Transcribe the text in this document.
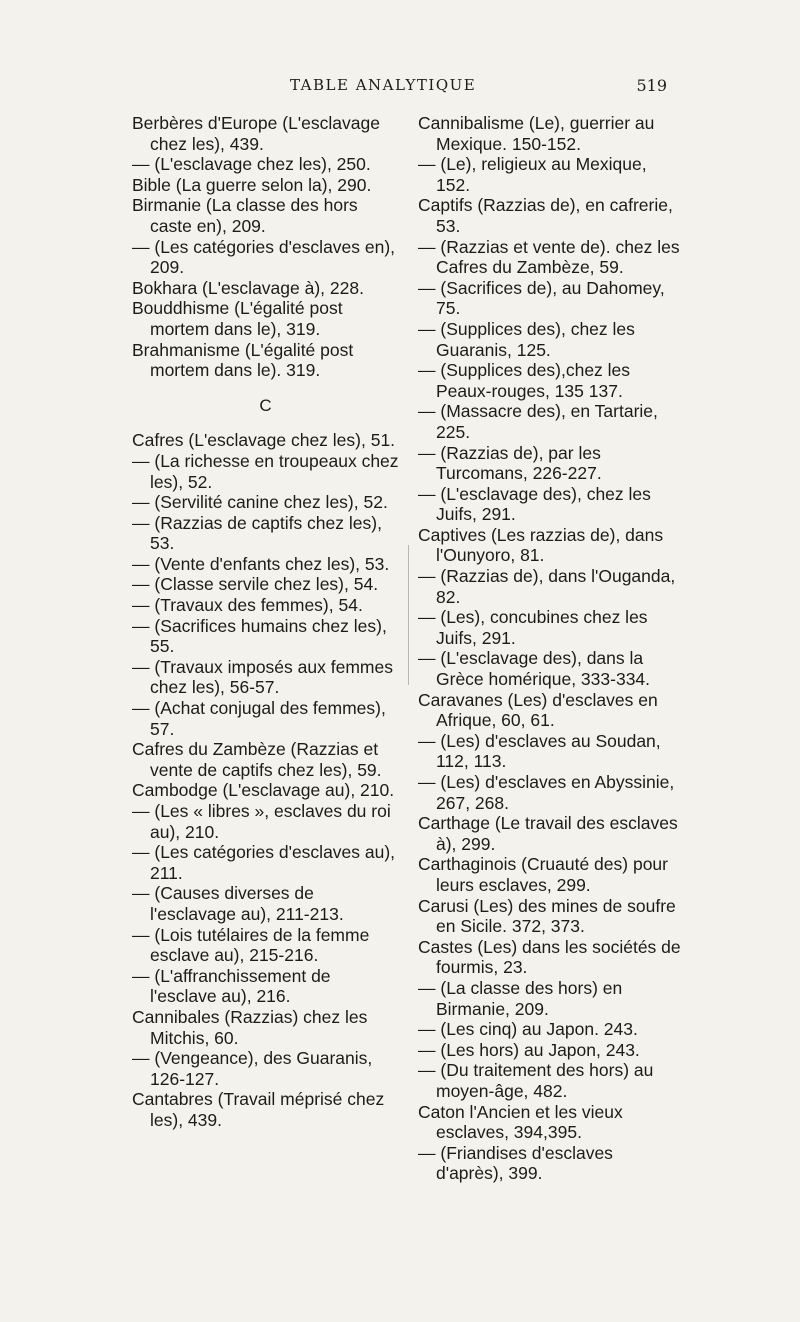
TABLE ANALYTIQUE	519

Berbères d'Europe (L'esclavage chez les), 439.

— (L'esclavage chez les), 250.

Bible (La guerre selon la), 290.

Birmanie (La classe des hors caste en), 209.

— (Les catégories d'esclaves en), 209.

Bokhara (L'esclavage à), 228.

Bouddhisme (L'égalité post mortem dans le), 319.

Brahmanisme (L'égalité post mortem dans le). 319.

C

Cafres (L'esclavage chez les), 51.

— (La richesse en troupeaux chez les), 52.

— (Servilité canine chez les), 52.

— (Razzias de captifs chez les), 53.

— (Vente d'enfants chez les), 53.

— (Classe servile chez les), 54.

— (Travaux des femmes), 54.

— (Sacrifices humains chez les), 55.

— (Travaux imposés aux femmes chez les), 56-57.

— (Achat conjugal des femmes), 57.

Cafres du Zambèze (Razzias et vente de captifs chez les), 59.

Cambodge (L'esclavage au), 210.

— (Les « libres », esclaves du roi au), 210.

— (Les catégories d'esclaves au), 211.

— (Causes diverses de l'esclavage au), 211-213.

— (Lois tutélaires de la femme esclave au), 215-216.

— (L'affranchissement de l'esclave au), 216.

Cannibales (Razzias) chez les Mitchis, 60.

— (Vengeance), des Guaranis, 126-127.

Cantabres (Travail méprisé chez les), 439.

Cannibalisme (Le), guerrier au Mexique. 150-152.

— (Le), religieux au Mexique, 152.

Captifs (Razzias de), en cafrerie, 53.

— (Razzias et vente de). chez les Cafres du Zambèze, 59.

— (Sacrifices de), au Dahomey, 75.

— (Supplices des), chez les Guaranis, 125.

— (Supplices des),chez les Peaux-rouges, 135 137.

— (Massacre des), en Tartarie, 225.

— (Razzias de), par les Turcomans, 226-227.

— (L'esclavage des), chez les Juifs, 291.

Captives (Les razzias de), dans l'Ounyoro, 81.

— (Razzias de), dans l'Ouganda, 82.

— (Les), concubines chez les Juifs, 291.

— (L'esclavage des), dans la Grèce homérique, 333-334.

Caravanes (Les) d'esclaves en Afrique, 60, 61.

— (Les) d'esclaves au Soudan, 112, 113.

— (Les) d'esclaves en Abyssinie, 267, 268.

Carthage (Le travail des esclaves à), 299.

Carthaginois (Cruauté des) pour leurs esclaves, 299.

Carusi (Les) des mines de soufre en Sicile. 372, 373.

Castes (Les) dans les sociétés de fourmis, 23.

— (La classe des hors) en Birmanie, 209.

— (Les cinq) au Japon. 243.

— (Les hors) au Japon, 243.

— (Du traitement des hors) au moyen-âge, 482.

Caton l'Ancien et les vieux esclaves, 394,395.

— (Friandises d'esclaves d'après), 399.
